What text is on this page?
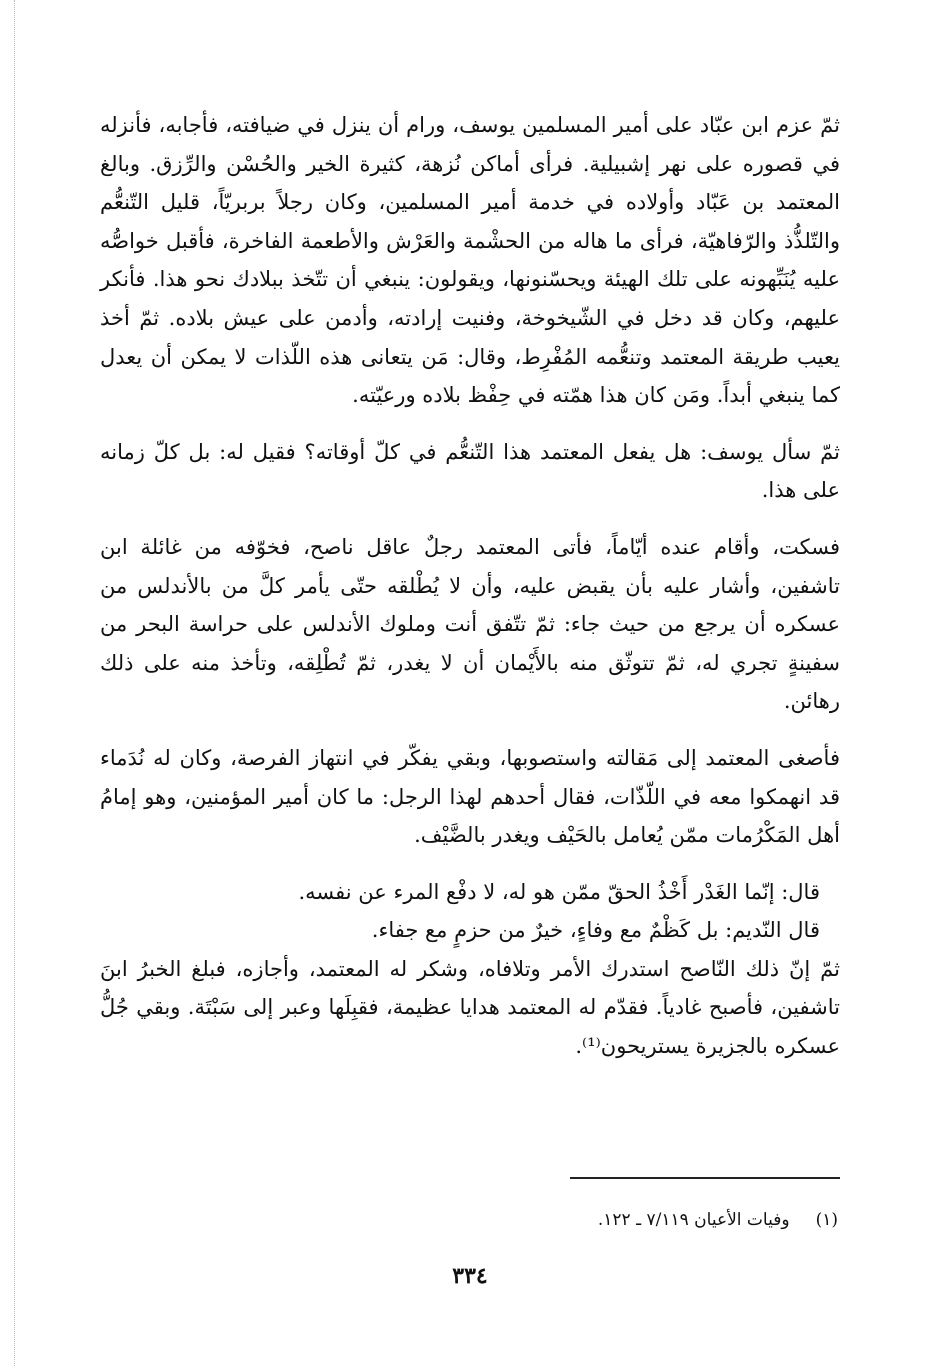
ثمّ عزم ابن عبّاد على أمير المسلمين يوسف، ورام أن ينزل في ضيافته، فأجابه، فأنزله في قصوره على نهر إشبيلية. فرأى أماكن نُزهة، كثيرة الخير والحُسْن والرِّزق. وبالغ المعتمد بن عَبّاد وأولاده في خدمة أمير المسلمين، وكان رجلاً بربريّاً، قليل التّنعُّم والتّلذُّذ والرّفاهيّة، فرأى ما هاله من الحشْمة والعَرْش والأطعمة الفاخرة، فأقبل خواصُّه عليه يُنَبِّهونه على تلك الهيئة ويحسّنونها، ويقولون: ينبغي أن تتّخذ ببلادك نحو هذا. فأنكر عليهم، وكان قد دخل في الشّيخوخة، وفنيت إرادته، وأدمن على عيش بلاده. ثمّ أخذ يعيب طريقة المعتمد وتنعُّمه المُفْرِط، وقال: مَن يتعانى هذه اللّذات لا يمكن أن يعدل كما ينبغي أبداً. ومَن كان هذا همّته في حِفْظ بلاده ورعيّته.

ثمّ سأل يوسف: هل يفعل المعتمد هذا التّنعُّم في كلّ أوقاته؟ فقيل له: بل كلّ زمانه على هذا.

فسكت، وأقام عنده أيّاماً، فأتى المعتمد رجلٌ عاقل ناصح، فخوّفه من غائلة ابن تاشفين، وأشار عليه بأن يقبض عليه، وأن لا يُطْلقه حتّى يأمر كلَّ من بالأندلس من عسكره أن يرجع من حيث جاء: ثمّ تتّفق أنت وملوك الأندلس على حراسة البحر من سفينةٍ تجري له، ثمّ تتوثّق منه بالأَيْمان أن لا يغدر، ثمّ تُطْلِقه، وتأخذ منه على ذلك رهائن.

فأصغى المعتمد إلى مَقالته واستصوبها، وبقي يفكّر في انتهاز الفرصة، وكان له نُدَماء قد انهمكوا معه في اللّذّات، فقال أحدهم لهذا الرجل: ما كان أمير المؤمنين، وهو إمامُ أهل المَكْرُمات ممّن يُعامل بالحَيْف ويغدر بالضَّيْف.

قال: إنّما الغَدْر أَخْذُ الحقّ ممّن هو له، لا دفْع المرء عن نفسه.

قال النّديم: بل كَظْمٌ مع وفاءٍ، خيرٌ من حزمٍ مع جفاء.

ثمّ إنّ ذلك النّاصح استدرك الأمر وتلافاه، وشكر له المعتمد، وأجازه، فبلغ الخبرُ ابنَ تاشفين، فأصبح غادياً. فقدّم له المعتمد هدايا عظيمة، فقبِلَها وعبر إلى سَبْتَة. وبقي جُلُّ عسكره بالجزيرة يستريحون⁽¹⁾.

(١)وفيات الأعيان ٧/١١٩ ـ ١٢٢.
٣٣٤
